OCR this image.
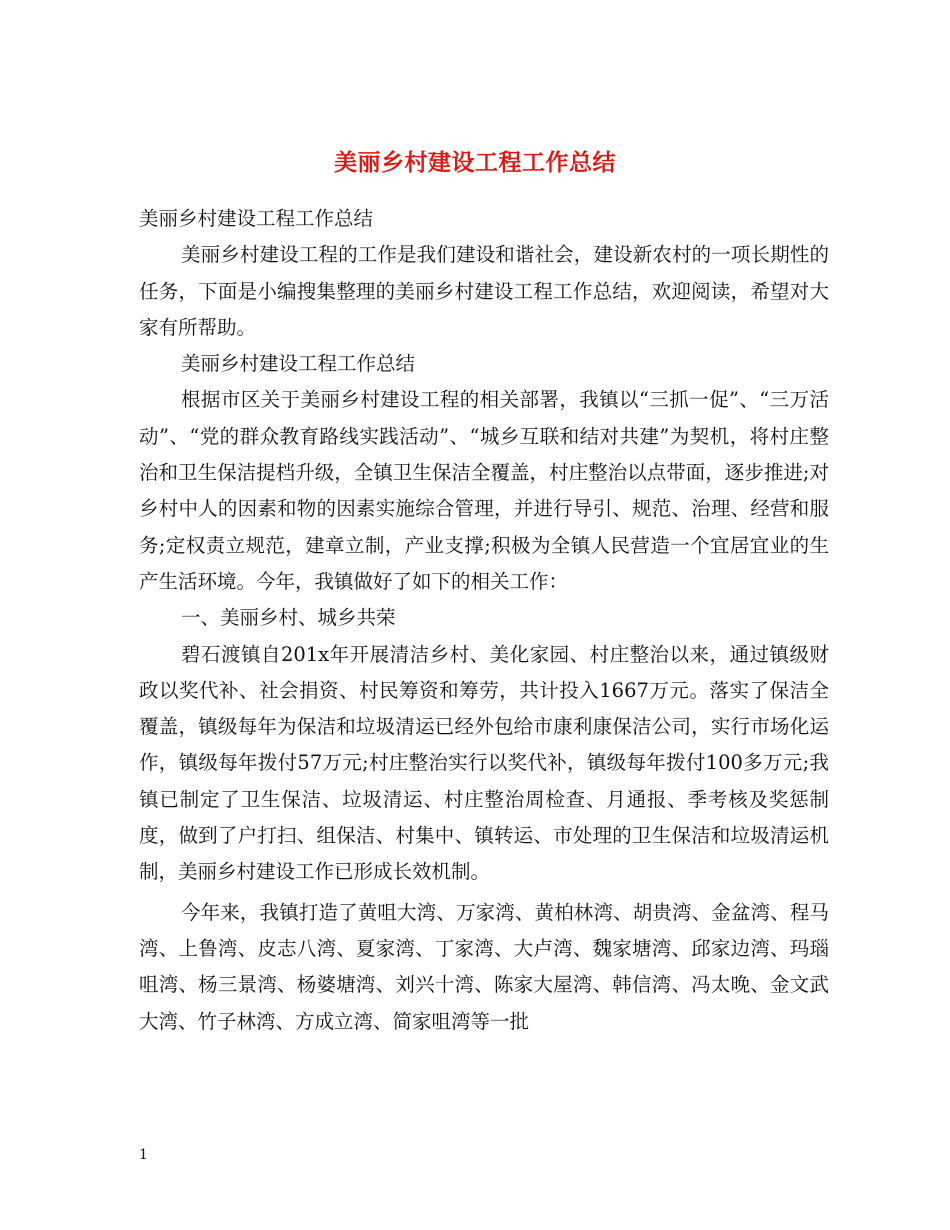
美丽乡村建设工程工作总结

美丽乡村建设工程工作总结

美丽乡村建设工程的工作是我们建设和谐社会，建设新农村的一项长期性的任务，下面是小编搜集整理的美丽乡村建设工程工作总结，欢迎阅读，希望对大家有所帮助。

美丽乡村建设工程工作总结

根据市区关于美丽乡村建设工程的相关部署，我镇以“三抓一促”、“三万活动”、“党的群众教育路线实践活动”、“城乡互联和结对共建”为契机，将村庄整治和卫生保洁提档升级，全镇卫生保洁全覆盖，村庄整治以点带面，逐步推进;对乡村中人的因素和物的因素实施综合管理，并进行导引、规范、治理、经营和服务;定权责立规范，建章立制，产业支撑;积极为全镇人民营造一个宜居宜业的生产生活环境。今年，我镇做好了如下的相关工作：

一、美丽乡村、城乡共荣

碧石渡镇自201x年开展清洁乡村、美化家园、村庄整治以来，通过镇级财政以奖代补、社会捐资、村民筹资和筹劳，共计投入1667万元。落实了保洁全覆盖，镇级每年为保洁和垃圾清运已经外包给市康利康保洁公司，实行市场化运作，镇级每年拨付57万元;村庄整治实行以奖代补，镇级每年拨付100多万元;我镇已制定了卫生保洁、垃圾清运、村庄整治周检查、月通报、季考核及奖惩制度，做到了户打扫、组保洁、村集中、镇转运、市处理的卫生保洁和垃圾清运机制，美丽乡村建设工作已形成长效机制。

今年来，我镇打造了黄咀大湾、万家湾、黄柏林湾、胡贵湾、金盆湾、程马湾、上鲁湾、皮志八湾、夏家湾、丁家湾、大卢湾、魏家塘湾、邱家边湾、玛瑙咀湾、杨三景湾、杨婆塘湾、刘兴十湾、陈家大屋湾、韩信湾、冯太晚、金文武大湾、竹子林湾、方成立湾、简家咀湾等一批

1
